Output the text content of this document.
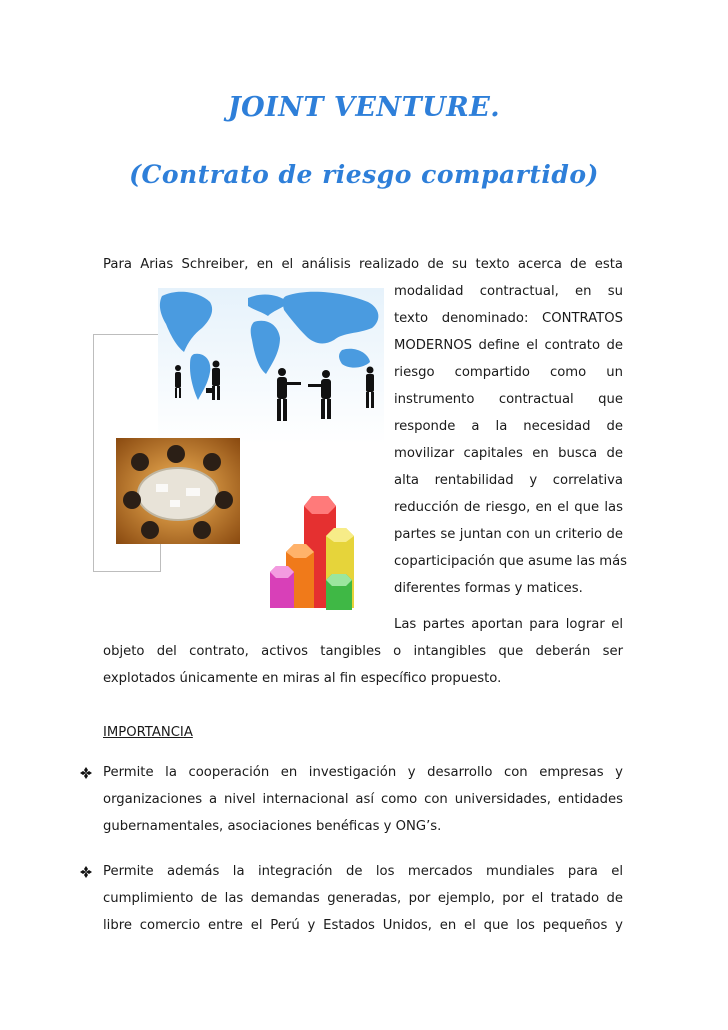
JOINT VENTURE.
(Contrato de riesgo compartido)
Para Arias Schreiber, en el análisis realizado de su texto acerca de esta
modalidad contractual, en su
texto denominado: CONTRATOS
MODERNOS define el contrato de
riesgo compartido como un
instrumento contractual que
responde a la necesidad de
movilizar capitales en busca de
alta rentabilidad y correlativa
reducción de riesgo, en el que las
partes se juntan con un criterio de
coparticipación que asume las más
diferentes formas y matices.
Las partes aportan para lograr el
objeto del contrato, activos tangibles o intangibles que deberán ser
explotados únicamente en miras al fin específico propuesto.
IMPORTANCIA
Permite la cooperación en investigación y desarrollo con empresas y
organizaciones a nivel internacional así como con universidades, entidades
gubernamentales, asociaciones benéficas y ONG’s.
Permite además la integración de los mercados mundiales para el
cumplimiento de las demandas generadas, por ejemplo, por el tratado de
libre comercio entre el Perú y Estados Unidos, en el que los pequeños y
